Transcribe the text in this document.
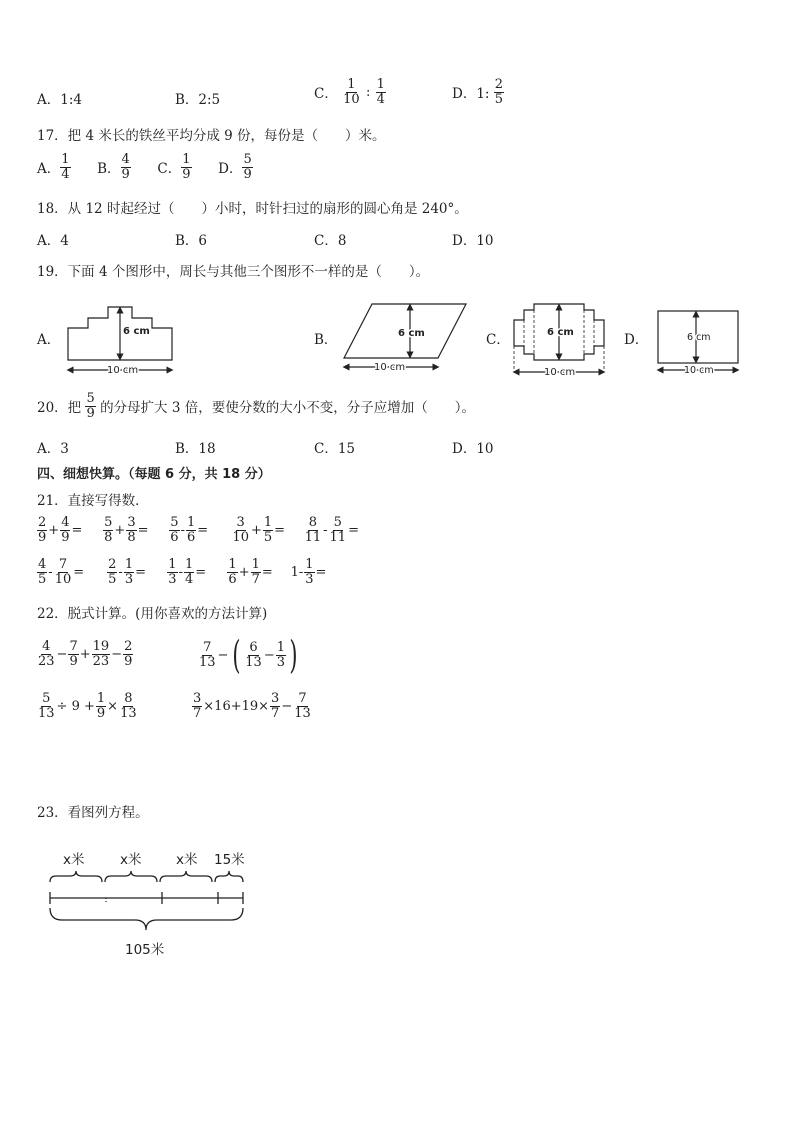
A．1:4	B．2:5	C． $\frac{1}{10}$ : $\frac{1}{4}$	D．1: $\frac{2}{5}$
17．把 4 米长的铁丝平均分成 9 份，每份是（　　）米。
A． $\frac{1}{4}$ B． $\frac{4}{9}$ C． $\frac{1}{9}$ D． $\frac{5}{9}$
18．从 12 时起经过（　　）小时，时针扫过的扇形的圆心角是 240°。
A．4	B．6	C．8	D．10
19．下面 4 个图形中，周长与其他三个图形不一样的是（　　）。
A．	B．	C．	D．
6 cm
10 cm
6 cm
10 cm
6 cm
10 cm
6 cm
10 cm
20．把 $\frac{5}{9}$ 的分母扩大 3 倍，要使分数的大小不变，分子应增加（　　）。
A．3	B．18	C．15	D．10
四、细想快算。（每题 6 分，共 18 分）
21．直接写得数．
$\frac{2}{9} + \frac{4}{9} = \frac{5}{8} + \frac{3}{8} = \frac{5}{6} - \frac{1}{6} = \frac{3}{10} + \frac{1}{5} = \frac{8}{11} - \frac{5}{11}$ =
$\frac{4}{5} - \frac{7}{10} = \frac{2}{5} - \frac{1}{3} = \frac{1}{3} - \frac{1}{4} = \frac{1}{6} + \frac{1}{7} = 1- \frac{1}{3}$ =
22．脱式计算。(用你喜欢的方法计算)
$\frac{4}{23} - \frac{7}{9} + \frac{19}{23} - \frac{2}{9}$	$\frac{7}{13}$ − ( $\frac{6}{13} - \frac{1}{3}$ )
$\frac{5}{13} \div 9 + \frac{1}{9} \times \frac{8}{13}$	$\frac{3}{7} \times 16+19\times \frac{3}{7} - \frac{7}{13}$
23．看图列方程。
x米	x米	x米 15米
105米
